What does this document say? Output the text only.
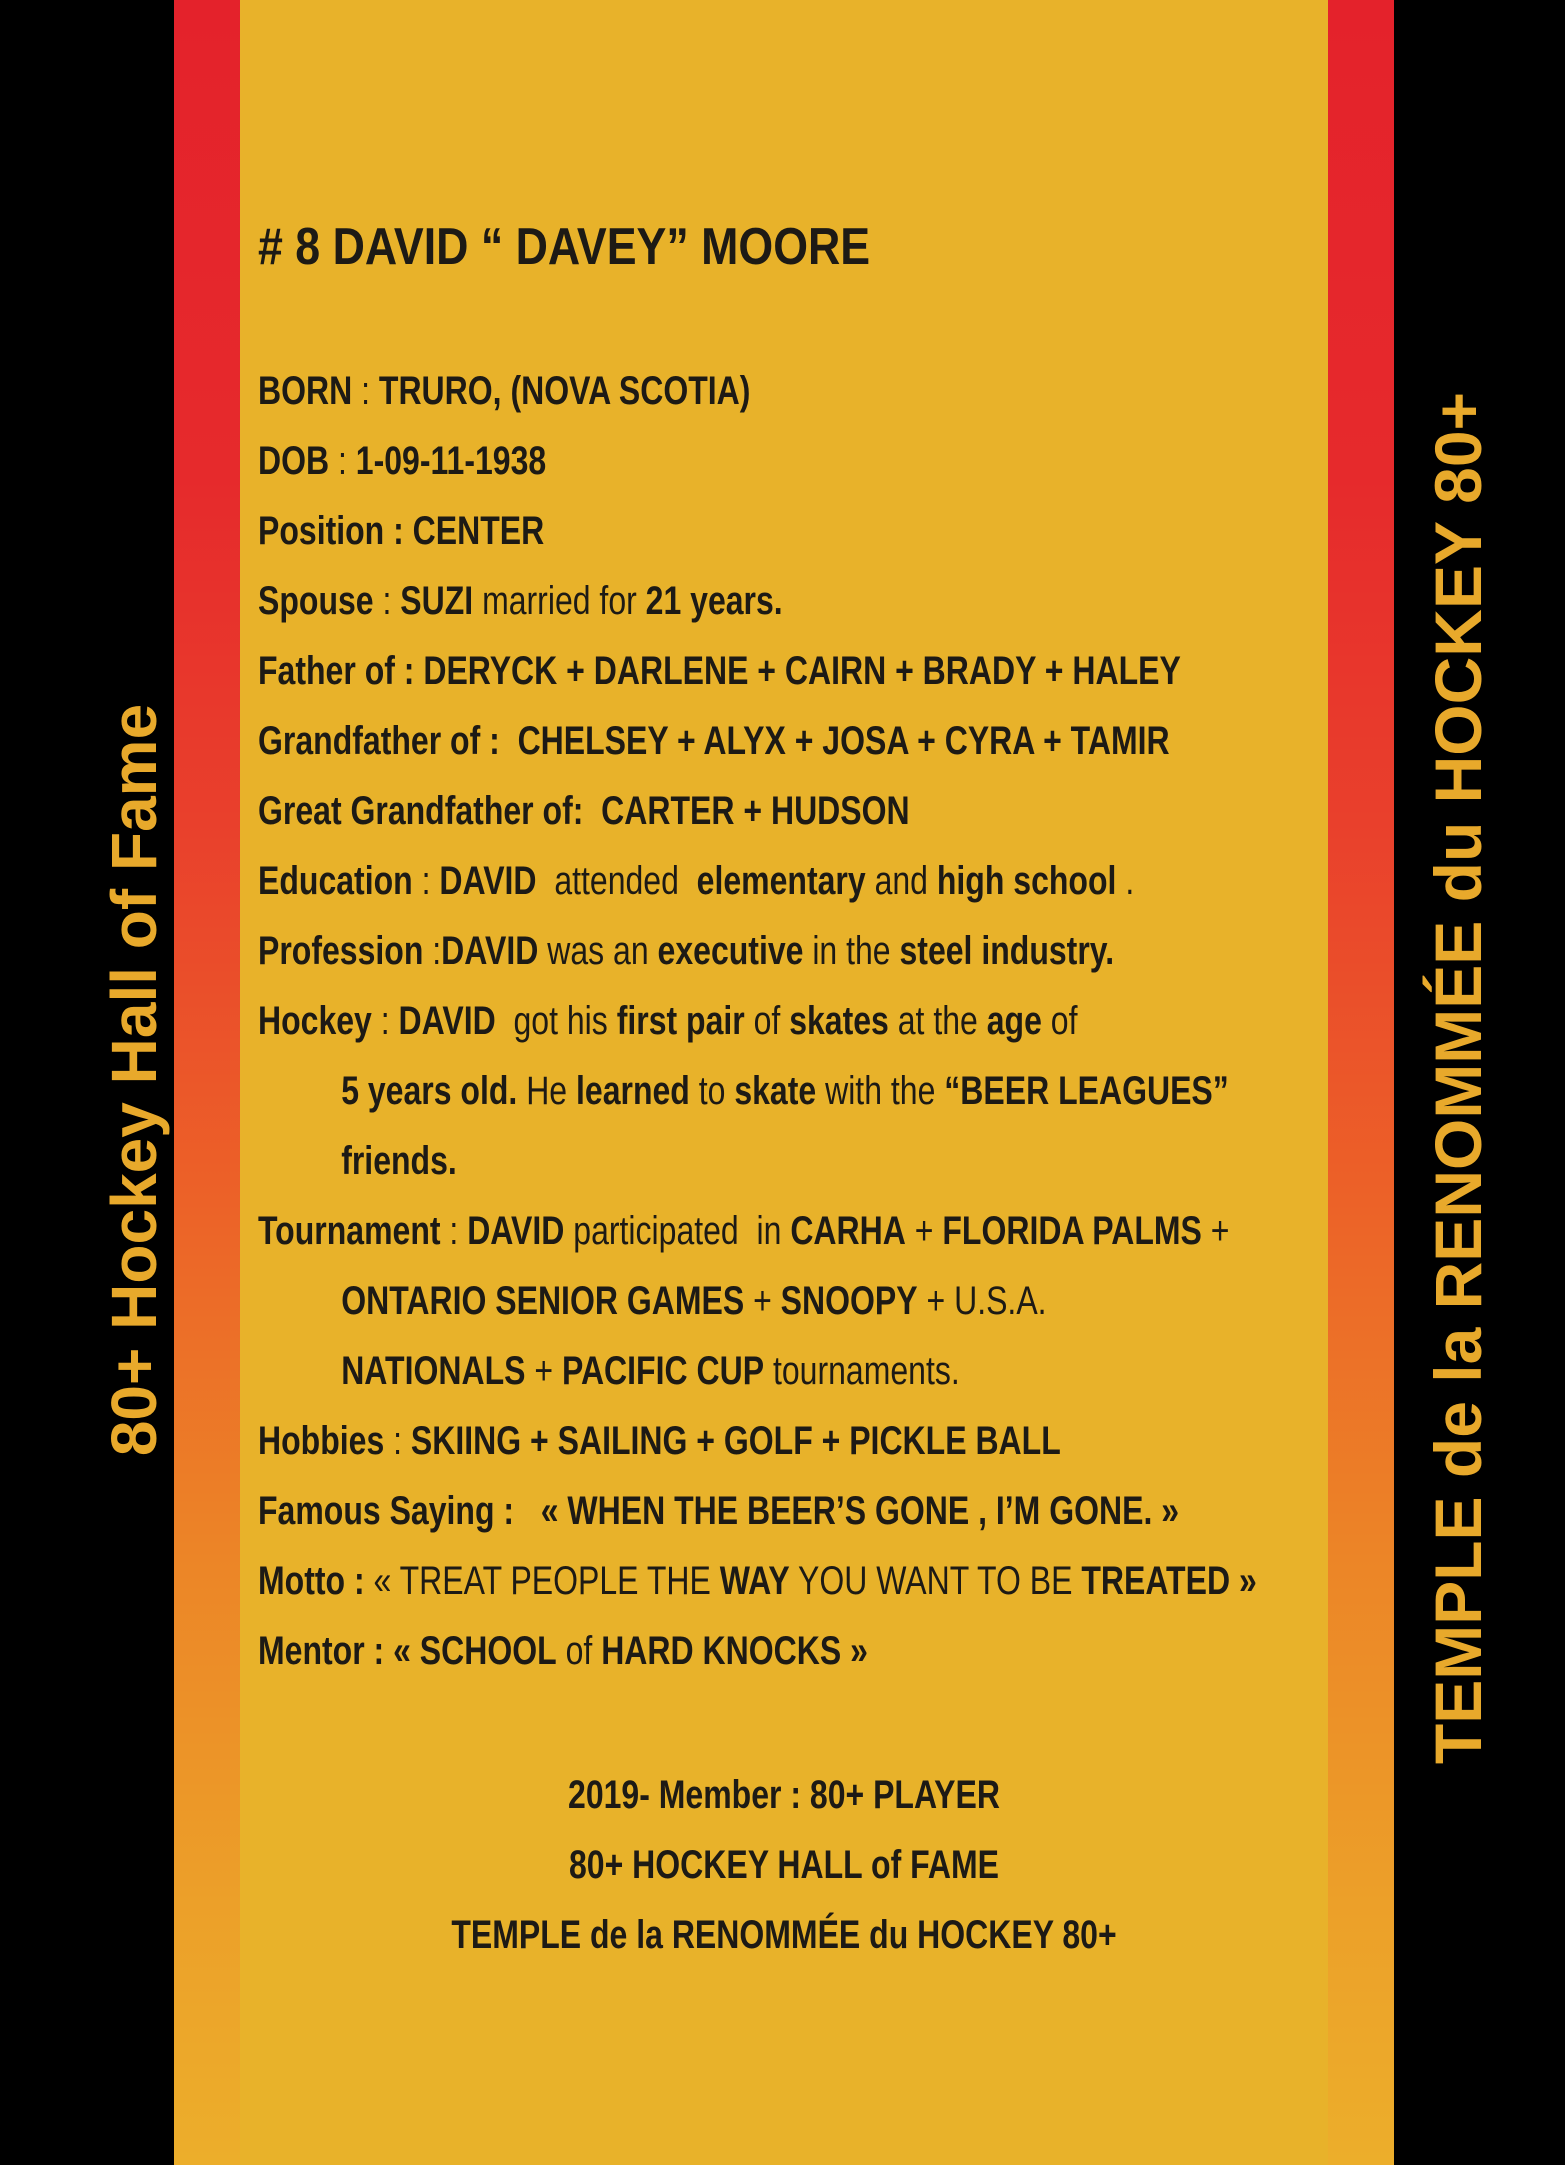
80+ Hockey Hall of Fame	TEMPLE de la RENOMMÉE du HOCKEY 80+
# 8 DAVID “ DAVEY” MOORE
BORN : TRURO, (NOVA SCOTIA)
DOB : 1-09-11-1938
Position : CENTER
Spouse : SUZI married for 21 years.
Father of : DERYCK + DARLENE + CAIRN + BRADY + HALEY
Grandfather of :  CHELSEY + ALYX + JOSA + CYRA + TAMIR
Great Grandfather of: CARTER + HUDSON
Education : DAVID attended elementary and high school .
Profession :DAVID was an executive in the steel industry.
Hockey : DAVID got his first pair of skates at the age of
5 years old. He learned to skate with the “BEER LEAGUES”
friends.
Tournament : DAVID participated in CARHA + FLORIDA PALMS +
ONTARIO SENIOR GAMES + SNOOPY + U.S.A.
NATIONALS + PACIFIC CUP tournaments.
Hobbies : SKIING + SAILING + GOLF + PICKLE BALL
Famous Saying : « WHEN THE BEER’S GONE , I’M GONE. »
Motto : « TREAT PEOPLE THE WAY YOU WANT TO BE TREATED »
Mentor : « SCHOOL of HARD KNOCKS »
2019- Member : 80+ PLAYER
80+ HOCKEY HALL of FAME
TEMPLE de la RENOMMÉE du HOCKEY 80+
